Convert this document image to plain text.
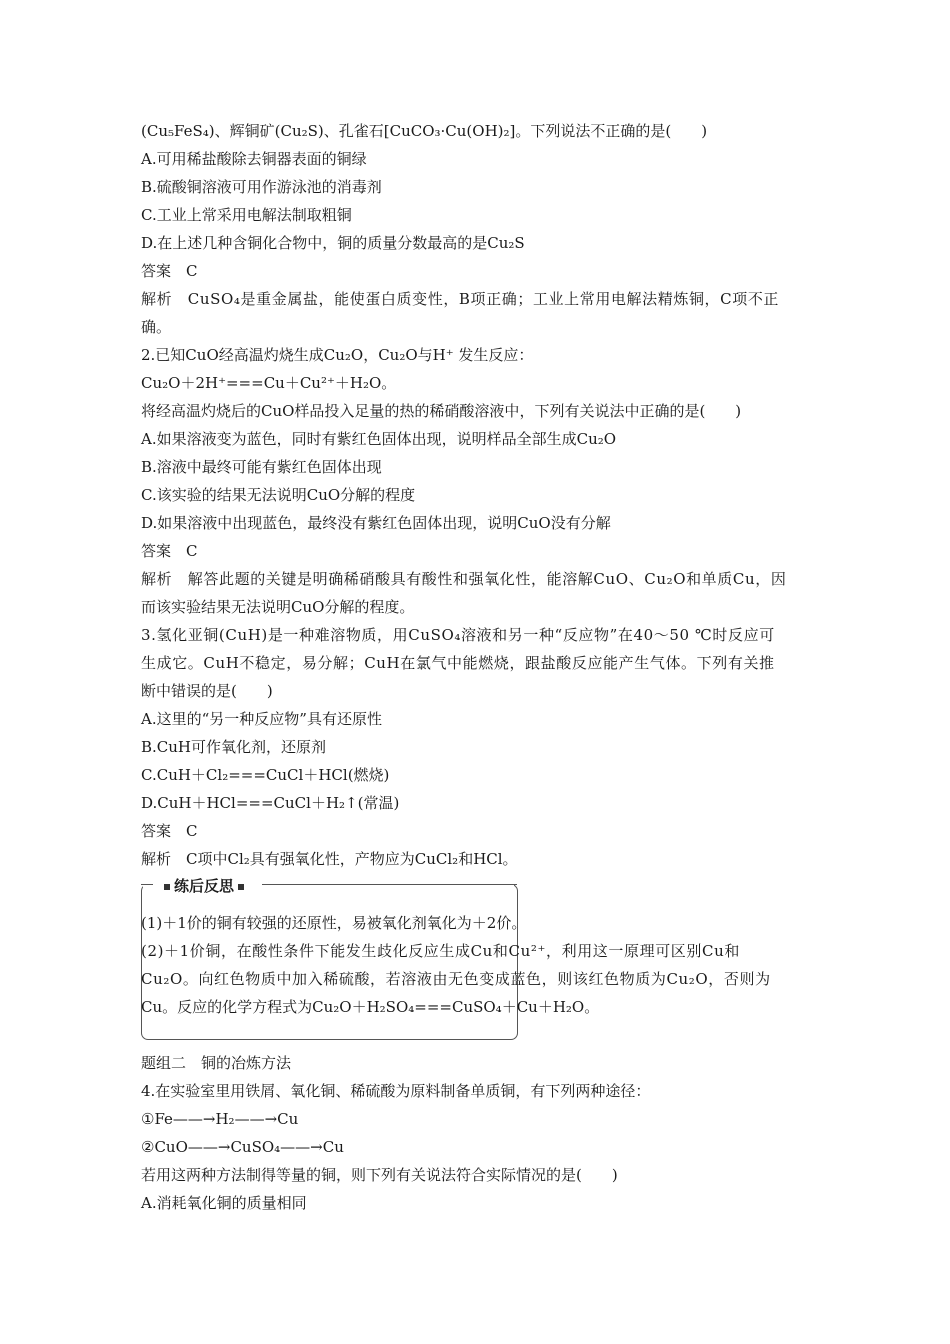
(Cu₅FeS₄)、辉铜矿(Cu₂S)、孔雀石[CuCO₃·Cu(OH)₂]。下列说法不正确的是(　　)
A.可用稀盐酸除去铜器表面的铜绿
B.硫酸铜溶液可用作游泳池的消毒剂
C.工业上常采用电解法制取粗铜
D.在上述几种含铜化合物中，铜的质量分数最高的是Cu₂S
答案　C
解析　CuSO₄是重金属盐，能使蛋白质变性，B项正确；工业上常用电解法精炼铜，C项不正
确。
2.已知CuO经高温灼烧生成Cu₂O，Cu₂O与H⁺ 发生反应：
Cu₂O＋2H⁺===Cu＋Cu²⁺＋H₂O。
将经高温灼烧后的CuO样品投入足量的热的稀硝酸溶液中，下列有关说法中正确的是(　　)
A.如果溶液变为蓝色，同时有紫红色固体出现，说明样品全部生成Cu₂O
B.溶液中最终可能有紫红色固体出现
C.该实验的结果无法说明CuO分解的程度
D.如果溶液中出现蓝色，最终没有紫红色固体出现，说明CuO没有分解
答案　C
解析　解答此题的关键是明确稀硝酸具有酸性和强氧化性，能溶解CuO、Cu₂O和单质Cu，因
而该实验结果无法说明CuO分解的程度。
3.氢化亚铜(CuH)是一种难溶物质，用CuSO₄溶液和另一种“反应物”在40～50 ℃时反应可
生成它。CuH不稳定，易分解；CuH在氯气中能燃烧，跟盐酸反应能产生气体。下列有关推
断中错误的是(　　)
A.这里的“另一种反应物”具有还原性
B.CuH可作氧化剂，还原剂
C.CuH＋Cl₂===CuCl＋HCl(燃烧)
D.CuH＋HCl===CuCl＋H₂↑(常温)
答案　C
解析　C项中Cl₂具有强氧化性，产物应为CuCl₂和HCl。
练后反思
(1)＋1价的铜有较强的还原性，易被氧化剂氧化为＋2价。
(2)＋1价铜，在酸性条件下能发生歧化反应生成Cu和Cu²⁺，利用这一原理可区别Cu和
Cu₂O。向红色物质中加入稀硫酸，若溶液由无色变成蓝色，则该红色物质为Cu₂O，否则为
Cu。反应的化学方程式为Cu₂O＋H₂SO₄===CuSO₄＋Cu＋H₂O。
题组二　铜的冶炼方法
4.在实验室里用铁屑、氧化铜、稀硫酸为原料制备单质铜，有下列两种途径：
①Fe——→H₂——→Cu
②CuO——→CuSO₄——→Cu
若用这两种方法制得等量的铜，则下列有关说法符合实际情况的是(　　)
A.消耗氧化铜的质量相同
